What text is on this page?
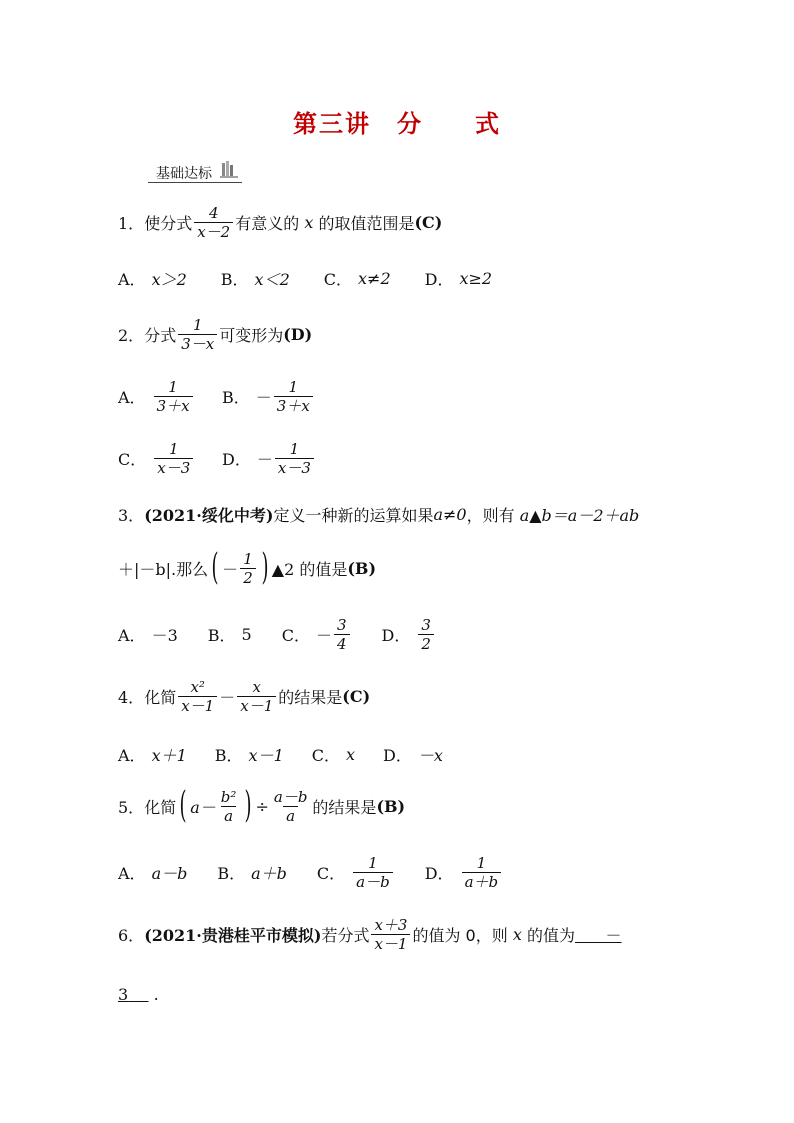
第三讲　分　　式
基础达标
1． 使分式 $\frac{4}{x-2}$ 有意义的
x
的取值范围是 (C)
A． x＞2 B． x＜2 C． x≠2 D． x≥2
2． 分式 $\frac{1}{3-x}$ 可变形为 (D)
A． $\frac{1}{3+x}$ B． － $\frac{1}{3+x}$
C． $\frac{1}{x-3}$ D． － $\frac{1}{x-3}$
3． (2021·绥化中考) 定义一种新的运算如果 a≠0 ，则有
a▲b＝a－2＋ab
＋|－b|.那么 ( － $\frac{1}{2}$ ) ▲2 的值是 (B)
A． －3 B． 5 C． － $\frac{3}{4}$ D． $\frac{3}{2}$
4． 化简 $\frac{\text{x²}}{x-1} - \frac{x}{x-1}$ 的结果是 (C)
A． x＋1 B． x－1 C． x D． －x
5． 化简 ( $a- \frac{\text{b²}}{a}$ ) ÷ $\frac{a-b}{a}$ 的结果是 (B)
A． a－b B． a＋b C． $\frac{1}{a-b}$ D． $\frac{1}{a+b}$
6． (2021·贵港桂平市模拟) 若分式 $\frac{x+3}{x-1}$ 的值为 0，则
x
的值为	－
3
	.
